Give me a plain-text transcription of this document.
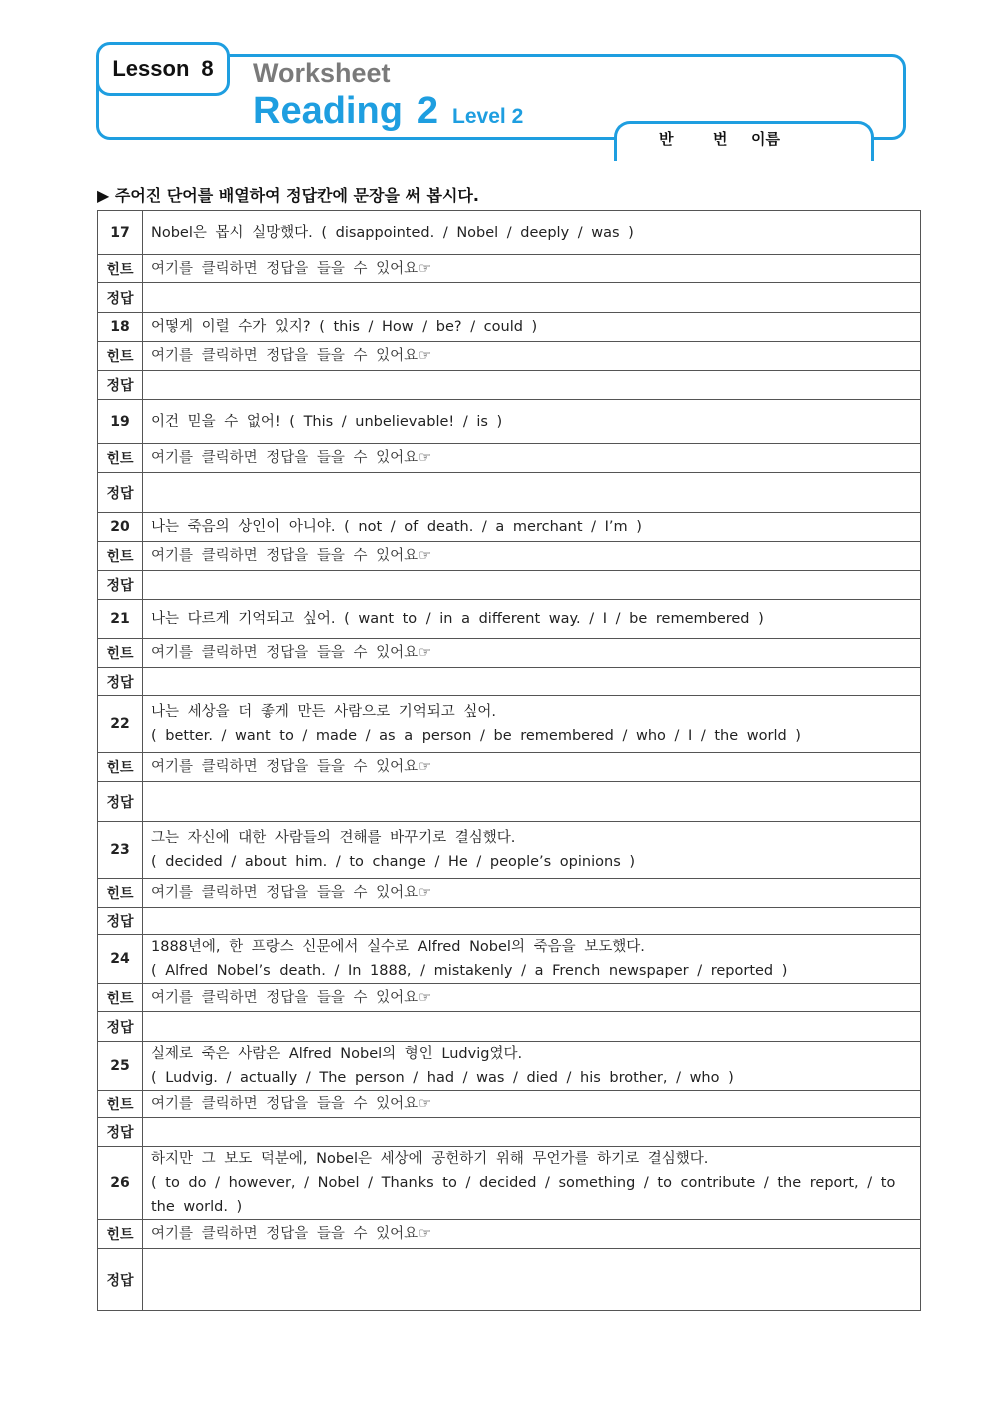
Lesson 8 Worksheet
Reading 2 Level 2
반	번 이름
▶ 주어진 단어를 배열하여 정답칸에 문장을 써 봅시다.
17	Nobel은 몹시 실망했다. ( disappointed. / Nobel / deeply / was )

힌트	여기를 클릭하면 정답을 들을 수 있어요☞
정답	
18	어떻게 이럴 수가 있지? ( this / How / be? / could )

힌트	여기를 클릭하면 정답을 들을 수 있어요☞
정답	
19	이건 믿을 수 없어! ( This / unbelievable! / is )

힌트	여기를 클릭하면 정답을 들을 수 있어요☞
정답	
20	나는 죽음의 상인이 아니야. ( not / of death. / a merchant / I’m )

힌트	여기를 클릭하면 정답을 들을 수 있어요☞
정답	
21	나는 다르게 기억되고 싶어. ( want to / in a different way. / I / be remembered )

힌트	여기를 클릭하면 정답을 들을 수 있어요☞
정답	
22	나는 세상을 더 좋게 만든 사람으로 기억되고 싶어.
( better. / want to / made / as a person / be remembered / who / I / the world )

힌트	여기를 클릭하면 정답을 들을 수 있어요☞
정답	
23	그는 자신에 대한 사람들의 견해를 바꾸기로 결심했다.
( decided / about him. / to change / He / people’s opinions )

힌트	여기를 클릭하면 정답을 들을 수 있어요☞
정답	
24	1888년에, 한 프랑스 신문에서 실수로 Alfred Nobel의 죽음을 보도했다.
( Alfred Nobel’s death. / In 1888, / mistakenly / a French newspaper / reported )

힌트	여기를 클릭하면 정답을 들을 수 있어요☞
정답	
25	실제로 죽은 사람은 Alfred Nobel의 형인 Ludvig였다.
( Ludvig. / actually / The person / had / was / died / his brother, / who )

힌트	여기를 클릭하면 정답을 들을 수 있어요☞
정답	
26	하지만 그 보도 덕분에, Nobel은 세상에 공헌하기 위해 무언가를 하기로 결심했다.
( to do / however, / Nobel / Thanks to / decided / something / to contribute / the report, / to the world. )

힌트	여기를 클릭하면 정답을 들을 수 있어요☞
정답	
